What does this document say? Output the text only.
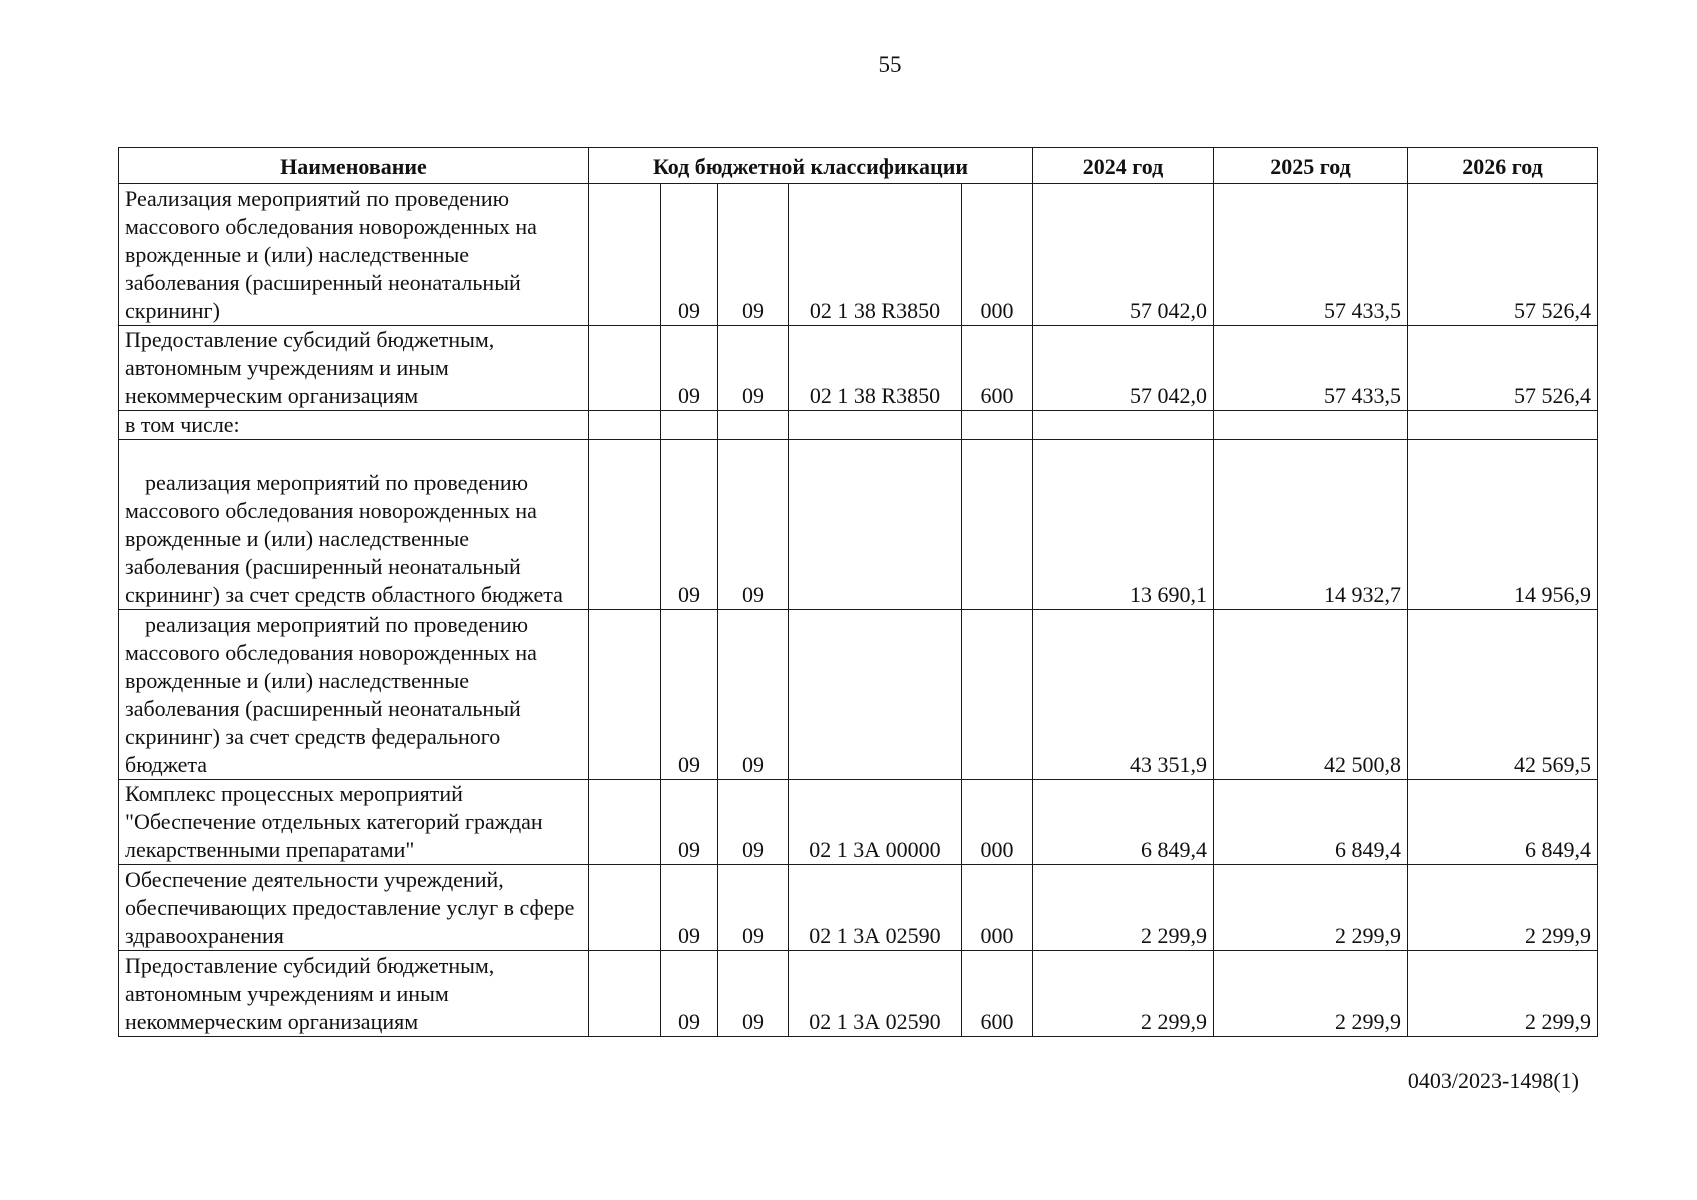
55
Наименование	Код бюджетной классификации					2024 год	2025 год	2026 год
Реализация мероприятий по проведению массового обследования новорожденных на врожденные и (или) наследственные заболевания (расширенный неонатальный скрининг)		09	09	02 1 38 R3850	000	57 042,0	57 433,5	57 526,4
Предоставление субсидий бюджетным, автономным учреждениям и иным некоммерческим организациям		09	09	02 1 38 R3850	600	57 042,0	57 433,5	57 526,4
в том числе:								
реализация мероприятий по проведению массового обследования новорожденных на врожденные и (или) наследственные заболевания (расширенный неонатальный скрининг) за счет средств областного бюджета		09	09			13 690,1	14 932,7	14 956,9
реализация мероприятий по проведению массового обследования новорожденных на врожденные и (или) наследственные заболевания (расширенный неонатальный скрининг) за счет средств федерального бюджета		09	09			43 351,9	42 500,8	42 569,5
Комплекс процессных мероприятий "Обеспечение отдельных категорий граждан лекарственными препаратами"		09	09	02 1 3А 00000	000	6 849,4	6 849,4	6 849,4
Обеспечение деятельности учреждений, обеспечивающих предоставление услуг в сфере здравоохранения		09	09	02 1 3А 02590	000	2 299,9	2 299,9	2 299,9
Предоставление субсидий бюджетным, автономным учреждениям и иным некоммерческим организациям		09	09	02 1 3А 02590	600	2 299,9	2 299,9	2 299,9
0403/2023-1498(1)
